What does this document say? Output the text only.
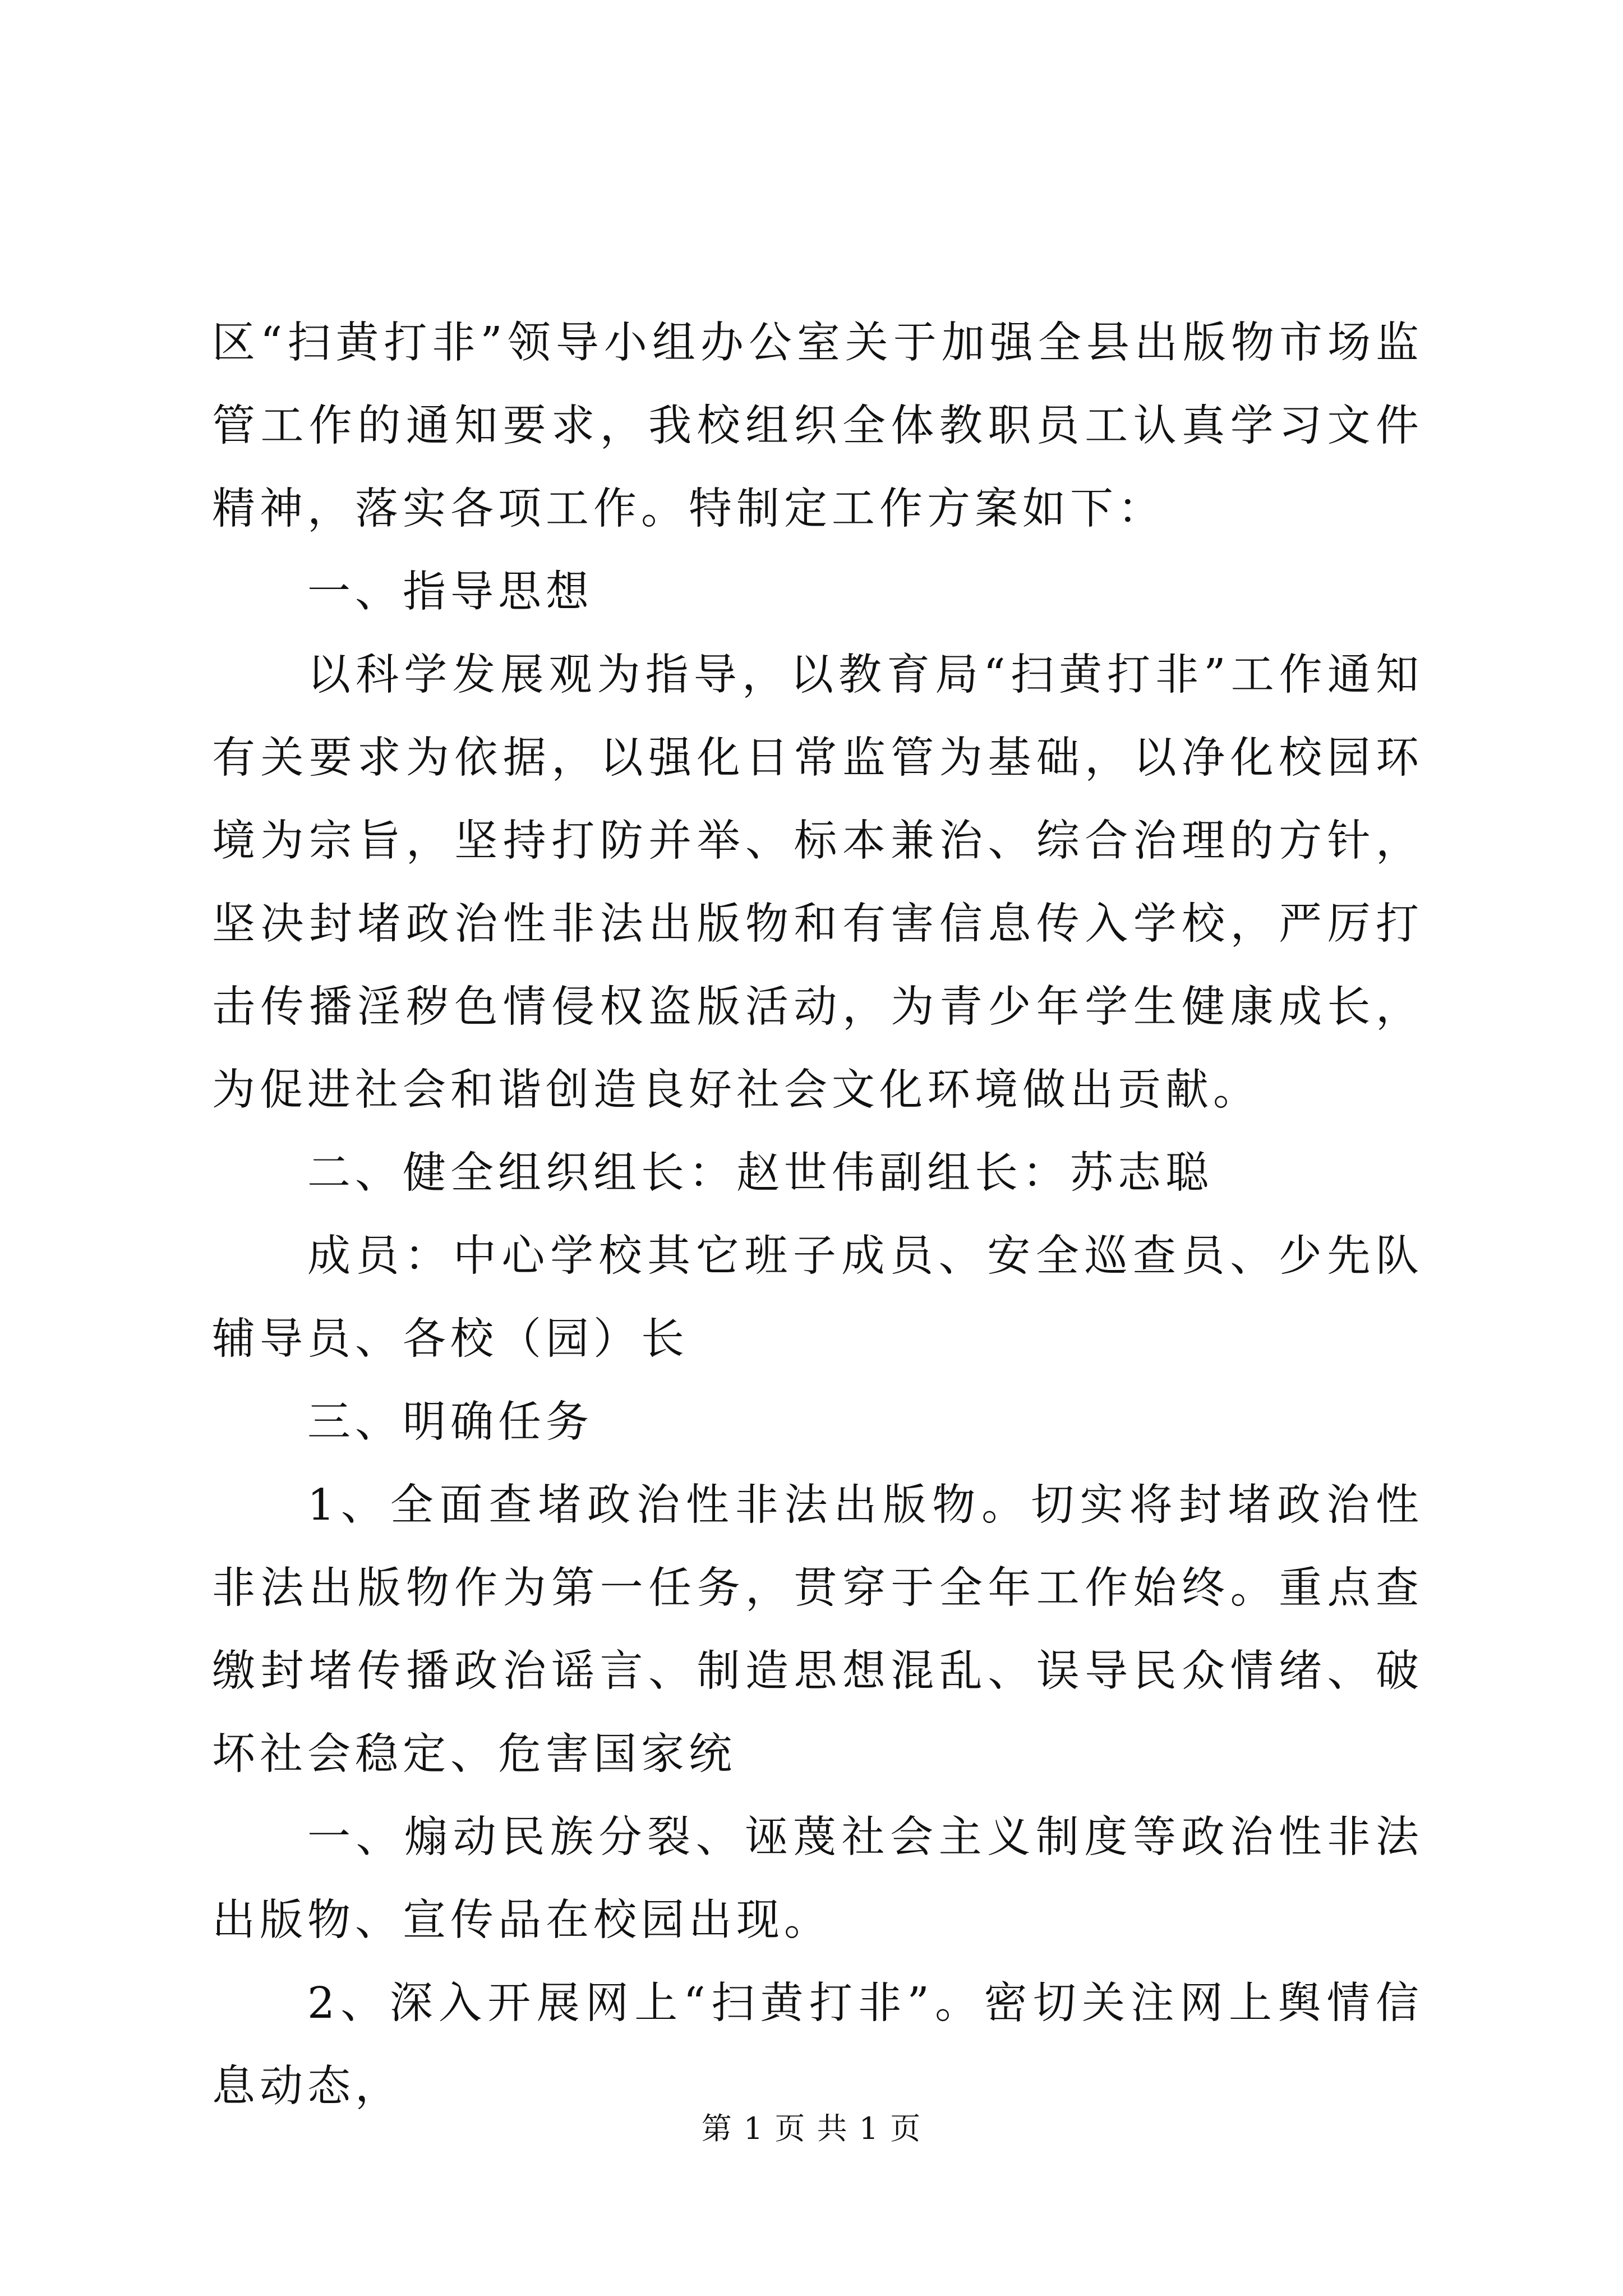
区“扫黄打非”领导小组办公室关于加强全县出版物市场监管工作的通知要求，我校组织全体教职员工认真学习文件精神，落实各项工作。特制定工作方案如下：

一、指导思想

以科学发展观为指导，以教育局“扫黄打非”工作通知有关要求为依据，以强化日常监管为基础，以净化校园环境为宗旨，坚持打防并举、标本兼治、综合治理的方针，坚决封堵政治性非法出版物和有害信息传入学校，严厉打击传播淫秽色情侵权盗版活动，为青少年学生健康成长，为促进社会和谐创造良好社会文化环境做出贡献。

二、健全组织组长：赵世伟副组长：苏志聪

成员：中心学校其它班子成员、安全巡查员、少先队辅导员、各校（园）长

三、明确任务

1、全面查堵政治性非法出版物。切实将封堵政治性非法出版物作为第一任务，贯穿于全年工作始终。重点查缴封堵传播政治谣言、制造思想混乱、误导民众情绪、破坏社会稳定、危害国家统

一、煽动民族分裂、诬蔑社会主义制度等政治性非法出版物、宣传品在校园出现。

2、深入开展网上“扫黄打非”。密切关注网上舆情信息动态，

第 1 页 共 1 页
